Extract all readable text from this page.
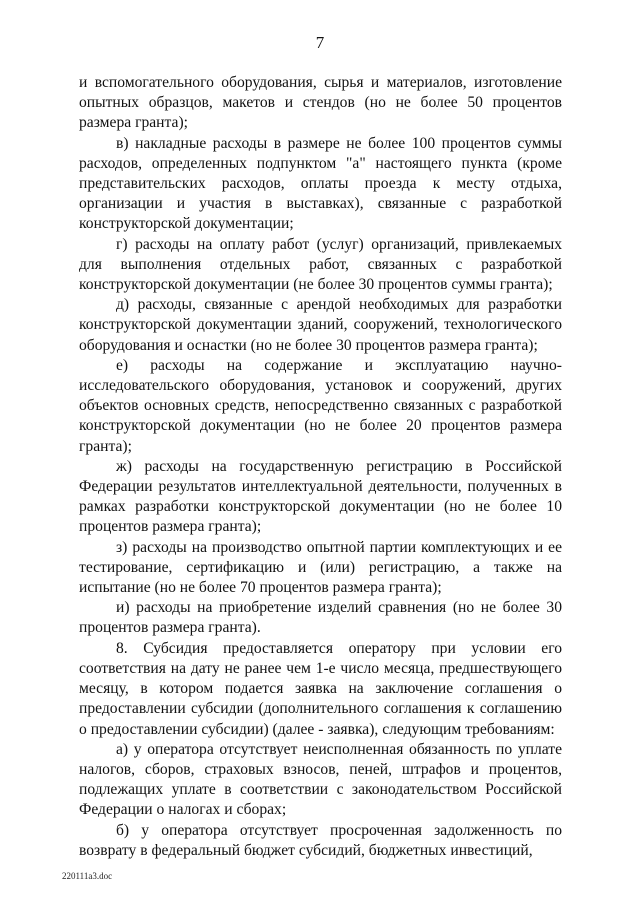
7

и вспомогательного оборудования, сырья и материалов, изготовление опытных образцов, макетов и стендов (но не более 50 процентов размера гранта);

в) накладные расходы в размере не более 100 процентов суммы расходов, определенных подпунктом "а" настоящего пункта (кроме представительских расходов, оплаты проезда к месту отдыха, организации и участия в выставках), связанные с разработкой конструкторской документации;

г) расходы на оплату работ (услуг) организаций, привлекаемых для выполнения отдельных работ, связанных с разработкой конструкторской документации (не более 30 процентов суммы гранта);

д) расходы, связанные с арендой необходимых для разработки конструкторской документации зданий, сооружений, технологического оборудования и оснастки (но не более 30 процентов размера гранта);

е) расходы на содержание и эксплуатацию научно-исследовательского оборудования, установок и сооружений, других объектов основных средств, непосредственно связанных с разработкой конструкторской документации (но не более 20 процентов размера гранта);

ж) расходы на государственную регистрацию в Российской Федерации результатов интеллектуальной деятельности, полученных в рамках разработки конструкторской документации (но не более 10 процентов размера гранта);

з) расходы на производство опытной партии комплектующих и ее тестирование, сертификацию и (или) регистрацию, а также на испытание (но не более 70 процентов размера гранта);

и) расходы на приобретение изделий сравнения (но не более 30 процентов размера гранта).

8. Субсидия предоставляется оператору при условии его соответствия на дату не ранее чем 1-е число месяца, предшествующего месяцу, в котором подается заявка на заключение соглашения о предоставлении субсидии (дополнительного соглашения к соглашению о предоставлении субсидии) (далее - заявка), следующим требованиям:

а) у оператора отсутствует неисполненная обязанность по уплате налогов, сборов, страховых взносов, пеней, штрафов и процентов, подлежащих уплате в соответствии с законодательством Российской Федерации о налогах и сборах;

б) у оператора отсутствует просроченная задолженность по возврату в федеральный бюджет субсидий, бюджетных инвестиций,

220111a3.doc
